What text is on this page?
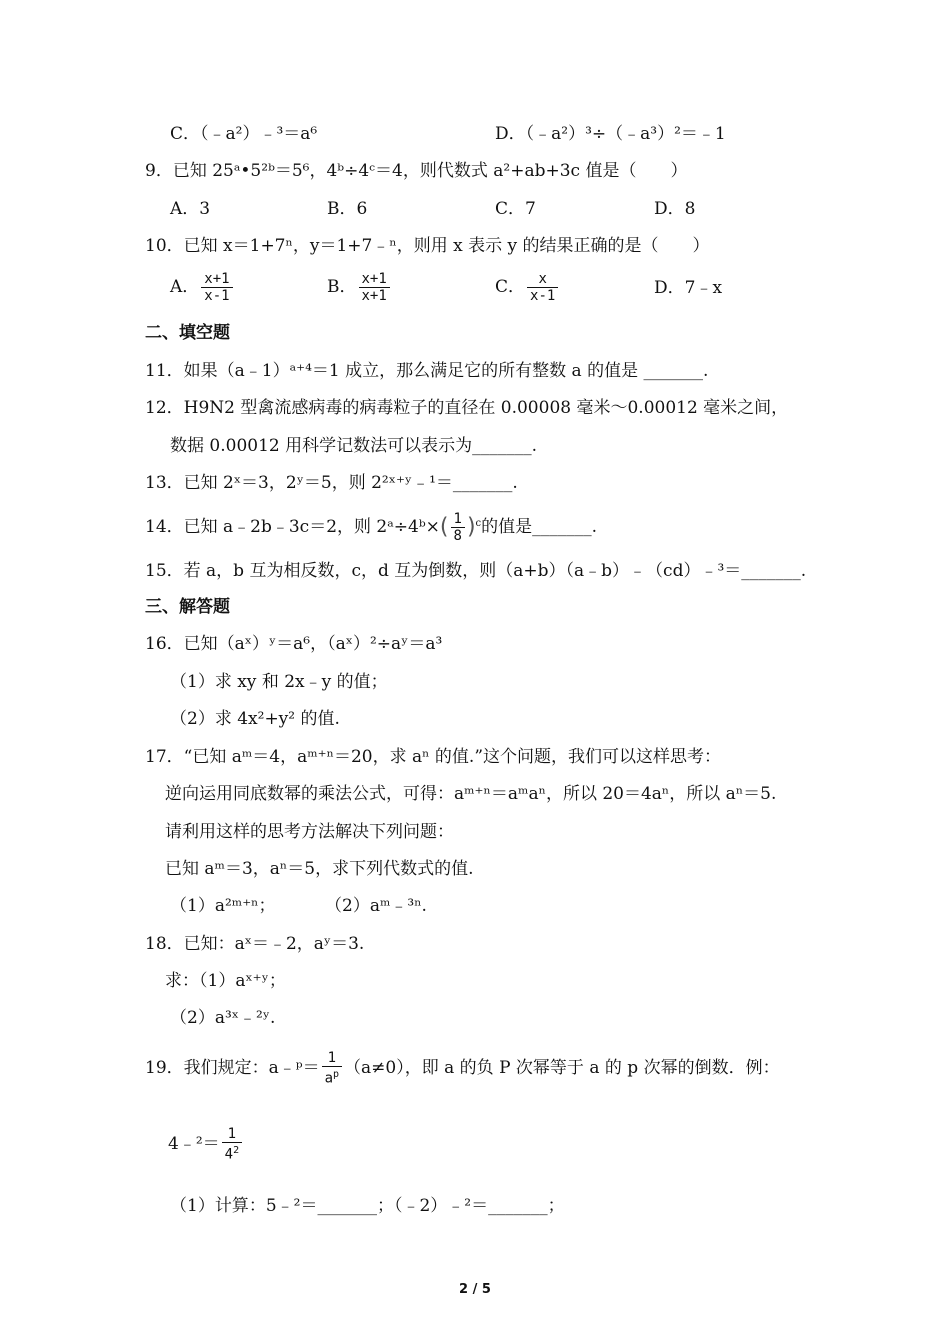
C．（﹣a²）﹣³＝a⁶	D．（﹣a²）³÷（﹣a³）²＝﹣1
9．已知 25ᵃ•5²ᵇ＝5⁶，4ᵇ÷4ᶜ＝4，则代数式 a²+ab+3c 值是（　　）
A．3	B．6	C．7	D．8
10．已知 x＝1+7ⁿ，y＝1+7﹣ⁿ，则用 x 表示 y 的结果正确的是（　　）
A． $\frac{x+1}{x-1}$	B． $\frac{x+1}{x+1}$	C． $\frac{x}{x-1}$	D．7﹣x
二、填空题
11．如果（a﹣1）ᵃ⁺⁴＝1 成立，那么满足它的所有整数 a 的值是 _______.
12．H9N2 型禽流感病毒的病毒粒子的直径在 0.00008 毫米～0.00012 毫米之间，
数据 0.00012 用科学记数法可以表示为_______.
13．已知 2ˣ＝3，2ʸ＝5，则 2²ˣ⁺ʸ﹣¹＝_______.
14．已知 a﹣2b﹣3c＝2，则 2ᵃ÷4ᵇ×( $\frac{1}{8} )^c$的值是_______.
15．若 a，b 互为相反数，c，d 互为倒数，则（a+b）（a﹣b）﹣（cd）﹣³＝_______.
三、解答题
16．已知（aˣ）ʸ＝a⁶，（aˣ）²÷aʸ＝a³
（1）求 xy 和 2x﹣y 的值；
（2）求 4x²+y² 的值.
17．“已知 aᵐ＝4，aᵐ⁺ⁿ＝20，求 aⁿ 的值.”这个问题，我们可以这样思考：
逆向运用同底数幂的乘法公式，可得：aᵐ⁺ⁿ＝aᵐaⁿ，所以 20＝4aⁿ，所以 aⁿ＝5.
请利用这样的思考方法解决下列问题：
已知 aᵐ＝3，aⁿ＝5，求下列代数式的值.
（1）a²ᵐ⁺ⁿ；	（2）aᵐ﹣³ⁿ.
18．已知：aˣ＝﹣2，aʸ＝3.
求：（1）aˣ⁺ʸ；
（2）a³ˣ﹣²ʸ.
19．我们规定：a﹣ᵖ＝ $\frac{1}{a^p} (a\ne 0)$，即 a 的负 P 次幂等于 a 的 p 次幂的倒数．例：
4﹣²＝ $\frac{1}{4^2}$
（1）计算：5﹣²＝_______；（﹣2）﹣²＝_______；
2 / 5
